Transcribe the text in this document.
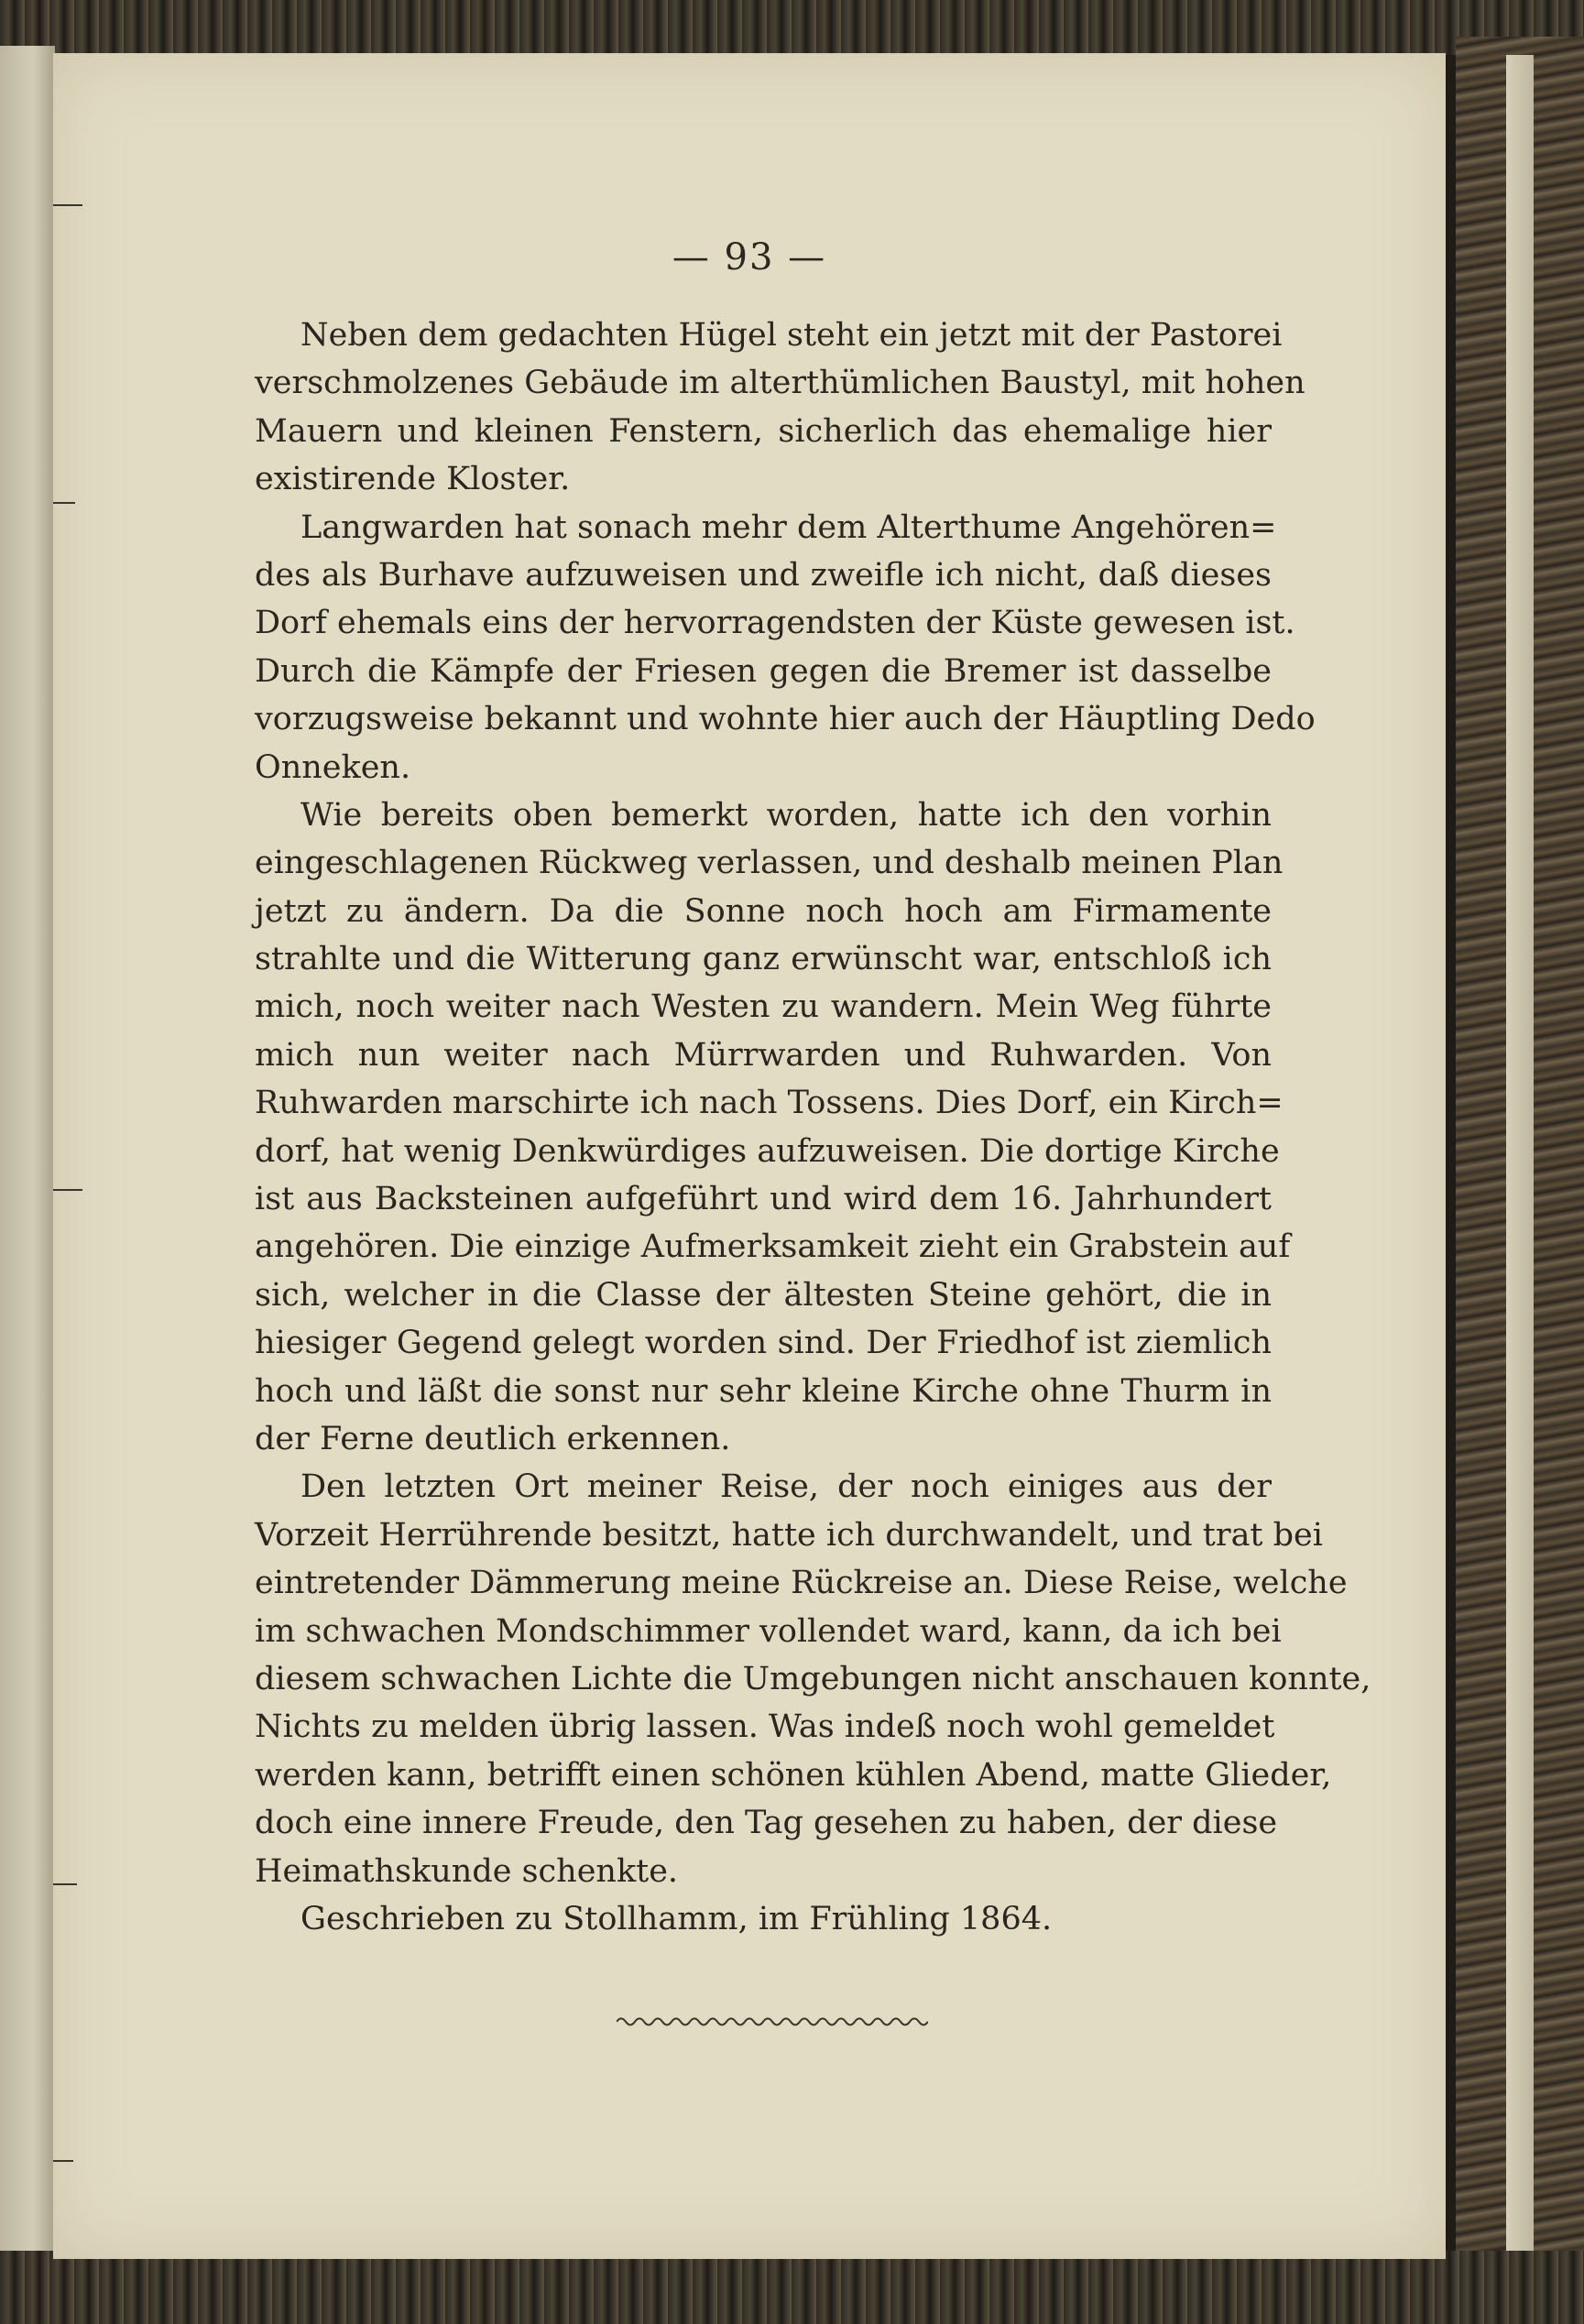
— 93 —
Neben dem gedachten Hügel steht ein jetzt mit der Pastorei
verschmolzenes Gebäude im alterthümlichen Baustyl, mit hohen
Mauern und kleinen Fenstern, sicherlich das ehemalige hier
existirende Kloster.
Langwarden hat sonach mehr dem Alterthume Angehören=
des als Burhave aufzuweisen und zweifle ich nicht, daß dieses
Dorf ehemals eins der hervorragendsten der Küste gewesen ist.
Durch die Kämpfe der Friesen gegen die Bremer ist dasselbe
vorzugsweise bekannt und wohnte hier auch der Häuptling Dedo
Onneken.
Wie bereits oben bemerkt worden, hatte ich den vorhin
eingeschlagenen Rückweg verlassen, und deshalb meinen Plan
jetzt zu ändern. Da die Sonne noch hoch am Firmamente
strahlte und die Witterung ganz erwünscht war, entschloß ich
mich, noch weiter nach Westen zu wandern. Mein Weg führte
mich nun weiter nach Mürrwarden und Ruhwarden. Von
Ruhwarden marschirte ich nach Tossens. Dies Dorf, ein Kirch=
dorf, hat wenig Denkwürdiges aufzuweisen. Die dortige Kirche
ist aus Backsteinen aufgeführt und wird dem 16. Jahrhundert
angehören. Die einzige Aufmerksamkeit zieht ein Grabstein auf
sich, welcher in die Classe der ältesten Steine gehört, die in
hiesiger Gegend gelegt worden sind. Der Friedhof ist ziemlich
hoch und läßt die sonst nur sehr kleine Kirche ohne Thurm in
der Ferne deutlich erkennen.
Den letzten Ort meiner Reise, der noch einiges aus der
Vorzeit Herrührende besitzt, hatte ich durchwandelt, und trat bei
eintretender Dämmerung meine Rückreise an. Diese Reise, welche
im schwachen Mondschimmer vollendet ward, kann, da ich bei
diesem schwachen Lichte die Umgebungen nicht anschauen konnte,
Nichts zu melden übrig lassen. Was indeß noch wohl gemeldet
werden kann, betrifft einen schönen kühlen Abend, matte Glieder,
doch eine innere Freude, den Tag gesehen zu haben, der diese
Heimathskunde schenkte.
Geschrieben zu Stollhamm, im Frühling 1864.
